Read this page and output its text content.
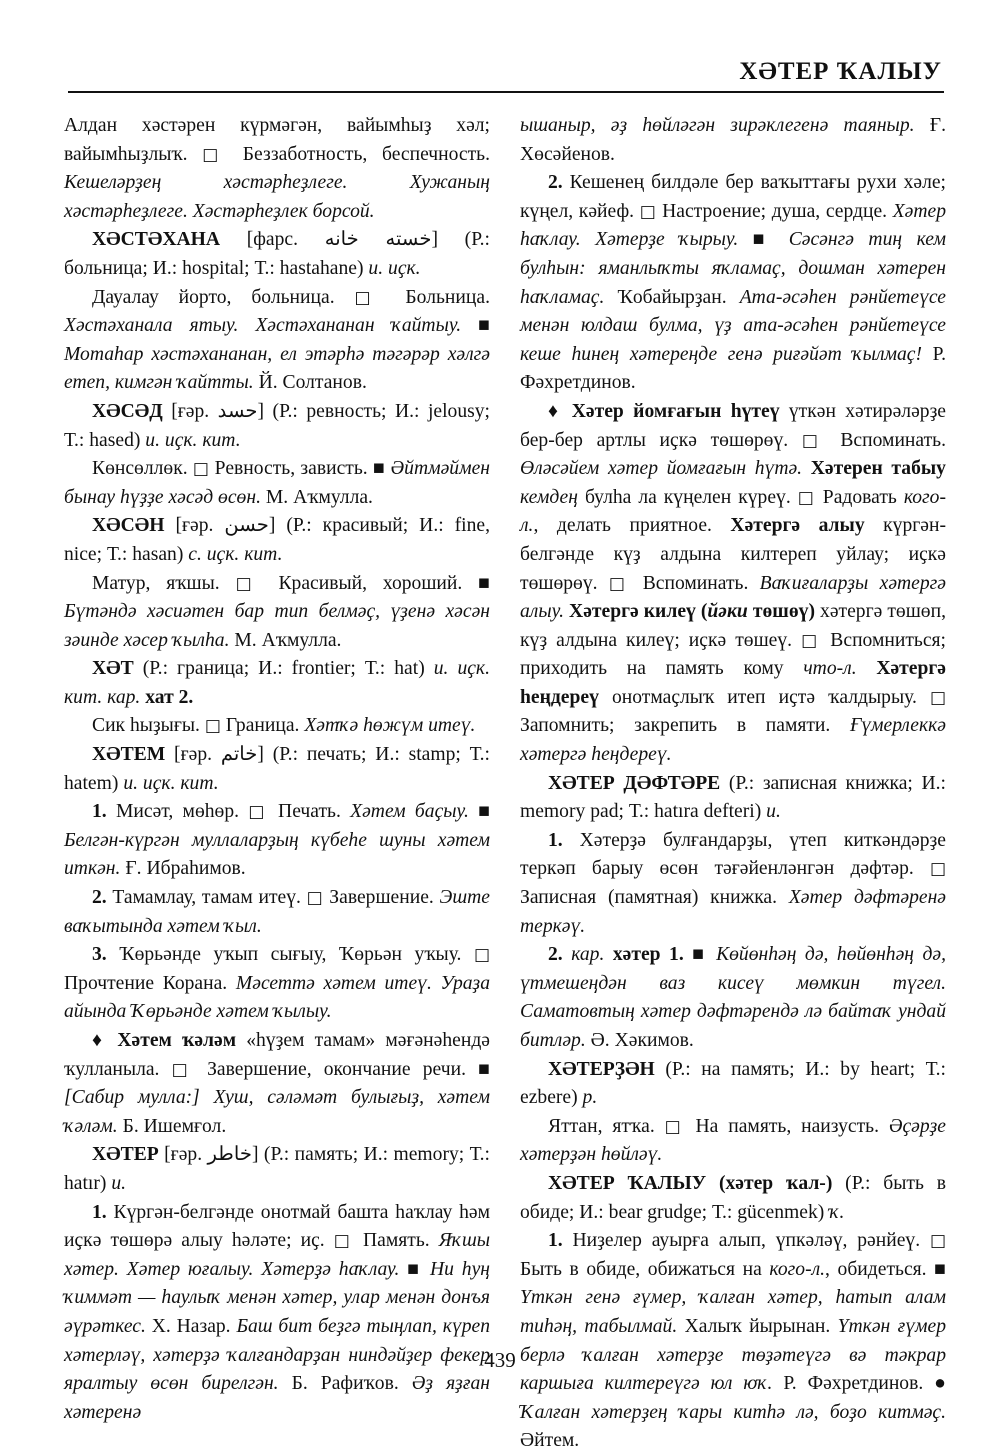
ХӘТЕР ҠАЛЫУ

Алдан хәстәрен күрмәгән, вайымһыҙ хәл; вайымһыҙлыҡ. □ Беззаботность, беспечность. Кешеләрҙең хәстәрһеҙлеге. Хужаның хәстәрһеҙлеге. Хәстәрһеҙлек борсой.

ХӘСТӘХАНА [фарс. خسته خانه] (Р.: больница; И.: hospital; Т.: hastahane) и. иҫк.

Дауалау йорто, больница. □ Больница. Хәстәханала ятыу. Хәстәхананан ҡайтыу. ■ Мотаһар хәстәхананан, ел этәрһә тәгәрәр хәлгә етеп, кимгән ҡайтты. Й. Солтанов.

ХӘСӘД [ғәр. حسد] (Р.: ревность; И.: jelousy; Т.: hased) и. иҫк. кит.

Көнсөллөк. □ Ревность, зависть. ■ Әйтмәймен бынау һүҙҙе хәсәд өсөн. М. Аҡмулла.

ХӘСӘН [ғәр. حسن] (Р.: красивый; И.: fine, nice; Т.: hasan) с. иҫк. кит.

Матур, яҡшы. □ Красивый, хороший. ■ Бүтәндә хәсиәтен бар тип белмәҫ, үҙенә хәсән зәинде хәсер ҡылһа. М. Аҡмулла.

ХӘТ (Р.: граница; И.: frontier; Т.: hat) и. иҫк. кит. кар. хат 2.

Сик һыҙығы. □ Граница. Хәтҡә һөжүм итеү.

ХӘТЕМ [ғәр. خاتم] (Р.: печать; И.: stamp; Т.: hatem) и. иҫк. кит.

1. Мисәт, мөһөр. □ Печать. Хәтем баҫыу. ■ Белгән-күргән муллаларҙың күбеһе шуны хәтем иткән. Ғ. Ибраһимов.

2. Тамамлау, тамам итеү. □ Завершение. Эште ваҡытында хәтем ҡыл.

3. Ҡөрьәнде уҡып сығыу, Ҡөрьән уҡыу. □ Прочтение Корана. Мәсеттә хәтем итеү. Ураҙа айында Ҡөрьәнде хәтем ҡылыу.

♦ Хәтем ҡәләм «һүҙем тамам» мәғәнәһендә ҡулланыла. □ Завершение, окончание речи. ■ [Сабир мулла:] Хуш, сәләмәт булығыҙ, хәтем ҡәләм. Б. Ишемғол.

ХӘТЕР [ғәр. خاطر] (Р.: память; И.: memory; Т.: hatır) и.

1. Күргән-белгәнде онотмай баштa һаҡлау һәм иҫкә төшөрә алыу һәләте; иҫ. □ Память. Яҡшы хәтер. Хәтер юғалыу. Хәтерҙә һаҡлау. ■ Ни һуң ҡиммәт — һаулыҡ менән хәтер, улар менән донъя әүрәткес. Х. Назар. Баш бит беҙгә тыңлап, күреп хәтерләү, хәтерҙә ҡалғандарҙан ниндәйҙер фекер яралтыу өсөн бирелгән. Б. Рафиҡов. Әҙ яҙған хәтеренә

ышаныр, әҙ һөйләгән зирәклегенә таяныр. Ғ. Хөсәйенов.

2. Кешенең билдәле бер ваҡыттағы рухи хәле; күңел, кәйеф. □ Настроение; душа, сердце. Хәтер һаҡлау. Хәтерҙе ҡырыу. ■ Сәсәнгә тиң кем булһын: яманлыҡты яҡламаҫ, дошман хәтерен һаҡламаҫ. Ҡобайырҙан. Ата-әсәһен рәнйетеүсе менән юлдаш булма, үҙ ата-әсәһен рәнйетеүсе кеше һинең хәтереңде генә риғәйәт ҡылмаҫ! Р. Фәхретдинов.

♦ Хәтер йомғағын һүтеү үткән хәтирәләрҙе бер-бер артлы иҫкә төшөрөү. □ Вспоминать. Өләсәйем хәтер йомғағын һүтә. Хәтерен табыу кемдең булһа ла күңелен күреү. □ Радовать кого-л., делать приятное. Хәтергә алыу күргән-белгәнде күҙ алдына килтереп уйлау; иҫкә төшөрөү. □ Вспоминать. Ваҡиғаларҙы хәтергә алыу. Хәтергә килеү (йәки төшөү) хәтергә төшөп, күҙ алдына килеү; иҫкә төшеү. □ Вспомниться; приходить на память кому что-л. Хәтергә һеңдереү онотмаҫлыҡ итеп иҫтә ҡалдырыу. □ Запомнить; закрепить в памяти. Ғүмерлеккә хәтергә һеңдереү.

ХӘТЕР ДӘФТӘРЕ (Р.: записная книжка; И.: memory pad; Т.: hatıra defteri) и.

1. Хәтерҙә булғандарҙы, үтеп киткәндәрҙе теркәп барыу өсөн тәғәйенләнгән дәфтәр. □ Записная (памятная) книжка. Хәтер дәфтәренә теркәү.

2. кар. хәтер 1. ■ Көйөнһәң дә, һөйөнһәң дә, үтмешеңдән ваз кисеү мөмкин түгел. Саматовтың хәтер дәфтәрендә лә байтаҡ ундай битләр. Ә. Хәкимов.

ХӘТЕРҘӘН (Р.: на память; И.: by heart; Т.: ezbere) р.

Яттан, ятҡа. □ На память, наизусть. Әҫәрҙе хәтерҙән һөйләү.

ХӘТЕР ҠАЛЫУ (хәтер ҡал-) (Р.: быть в обиде; И.: bear grudge; Т.: gücenmek) ҡ.

1. Ниҙелер ауырға алып, үпкәләү, рәнйеү. □ Быть в обиде, обижаться на кого-л., обидеться. ■ Үткән генә ғүмер, ҡалған хәтер, һатып алам тиһәң, табылмай. Халыҡ йырынан. Үткән ғүмер берлә ҡалған хәтерҙе төҙәтеүгә вә тәкрар каршыға килтереүгә юл юҡ. Р. Фәхретдинов. ● Ҡалған хәтерҙең ҡары китһә лә, боҙо китмәҫ. Әйтем.

439
